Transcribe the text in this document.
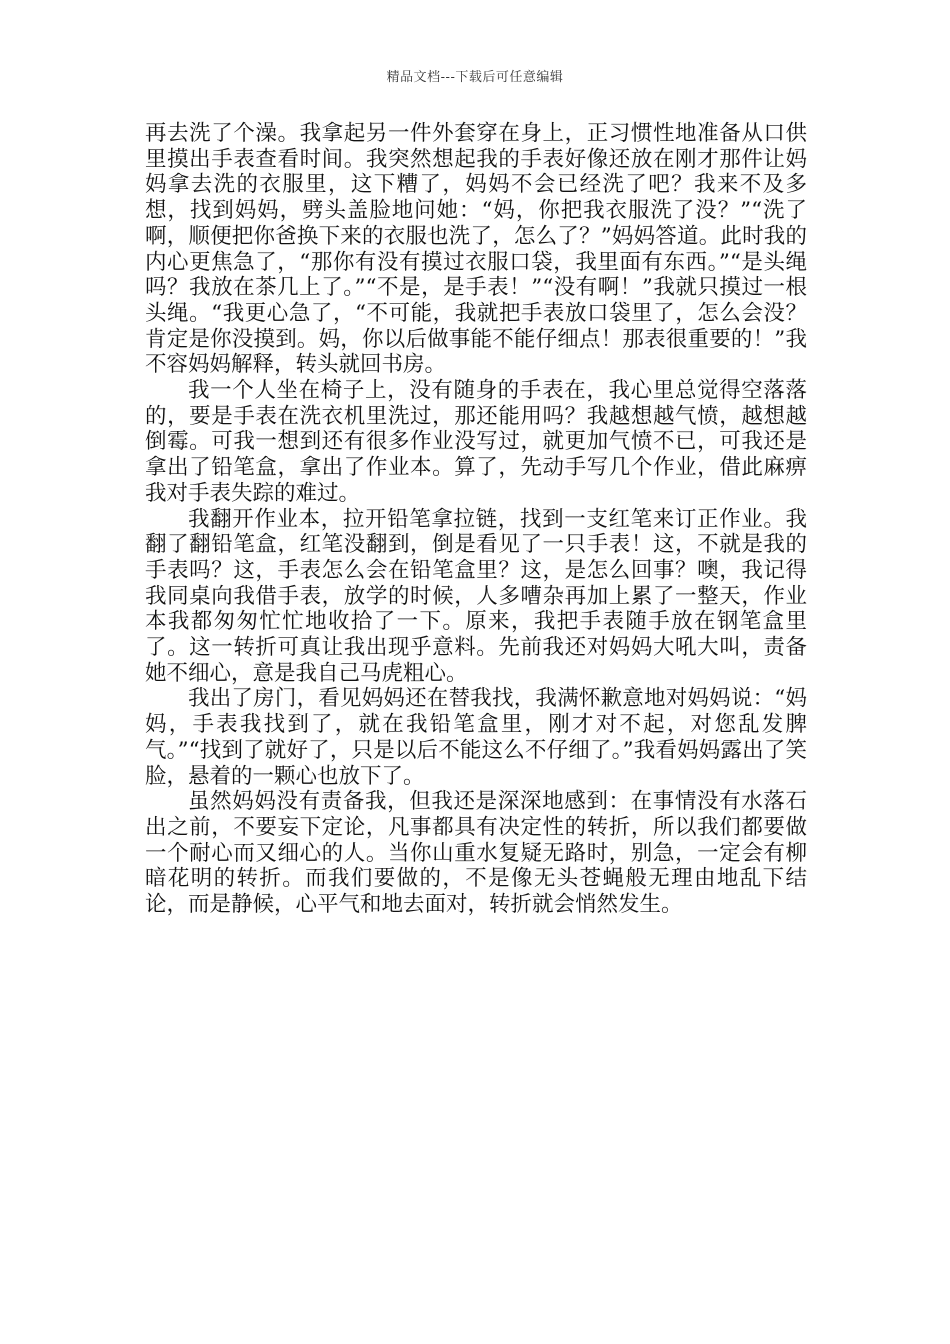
精品文档---下载后可任意编辑

再去洗了个澡。我拿起另一件外套穿在身上，正习惯性地准备从口供里摸出手表查看时间。我突然想起我的手表好像还放在刚才那件让妈妈拿去洗的衣服里，这下糟了，妈妈不会已经洗了吧？我来不及多想，找到妈妈，劈头盖脸地问她：“妈，你把我衣服洗了没？”“洗了啊，顺便把你爸换下来的衣服也洗了，怎么了？”妈妈答道。此时我的内心更焦急了，“那你有没有摸过衣服口袋，我里面有东西。”“是头绳吗？我放在茶几上了。”“不是，是手表！”“没有啊！”我就只摸过一根头绳。“我更心急了，“不可能，我就把手表放口袋里了，怎么会没？肯定是你没摸到。妈，你以后做事能不能仔细点！那表很重要的！”我不容妈妈解释，转头就回书房。

我一个人坐在椅子上，没有随身的手表在，我心里总觉得空落落的，要是手表在洗衣机里洗过，那还能用吗？我越想越气愤，越想越倒霉。可我一想到还有很多作业没写过，就更加气愤不已，可我还是拿出了铅笔盒，拿出了作业本。算了，先动手写几个作业，借此麻痹我对手表失踪的难过。

我翻开作业本，拉开铅笔拿拉链，找到一支红笔来订正作业。我翻了翻铅笔盒，红笔没翻到，倒是看见了一只手表！这，不就是我的手表吗？这，手表怎么会在铅笔盒里？这，是怎么回事？噢，我记得我同桌向我借手表，放学的时候，人多嘈杂再加上累了一整天，作业本我都匆匆忙忙地收拾了一下。原来，我把手表随手放在钢笔盒里了。这一转折可真让我出现乎意料。先前我还对妈妈大吼大叫，责备她不细心，意是我自己马虎粗心。

我出了房门，看见妈妈还在替我找，我满怀歉意地对妈妈说：“妈妈，手表我找到了，就在我铅笔盒里，刚才对不起，对您乱发脾气。”“找到了就好了，只是以后不能这么不仔细了。”我看妈妈露出了笑脸，悬着的一颗心也放下了。

虽然妈妈没有责备我，但我还是深深地感到：在事情没有水落石出之前，不要妄下定论，凡事都具有决定性的转折，所以我们都要做一个耐心而又细心的人。当你山重水复疑无路时，别急，一定会有柳暗花明的转折。而我们要做的，不是像无头苍蝇般无理由地乱下结论，而是静候，心平气和地去面对，转折就会悄然发生。
